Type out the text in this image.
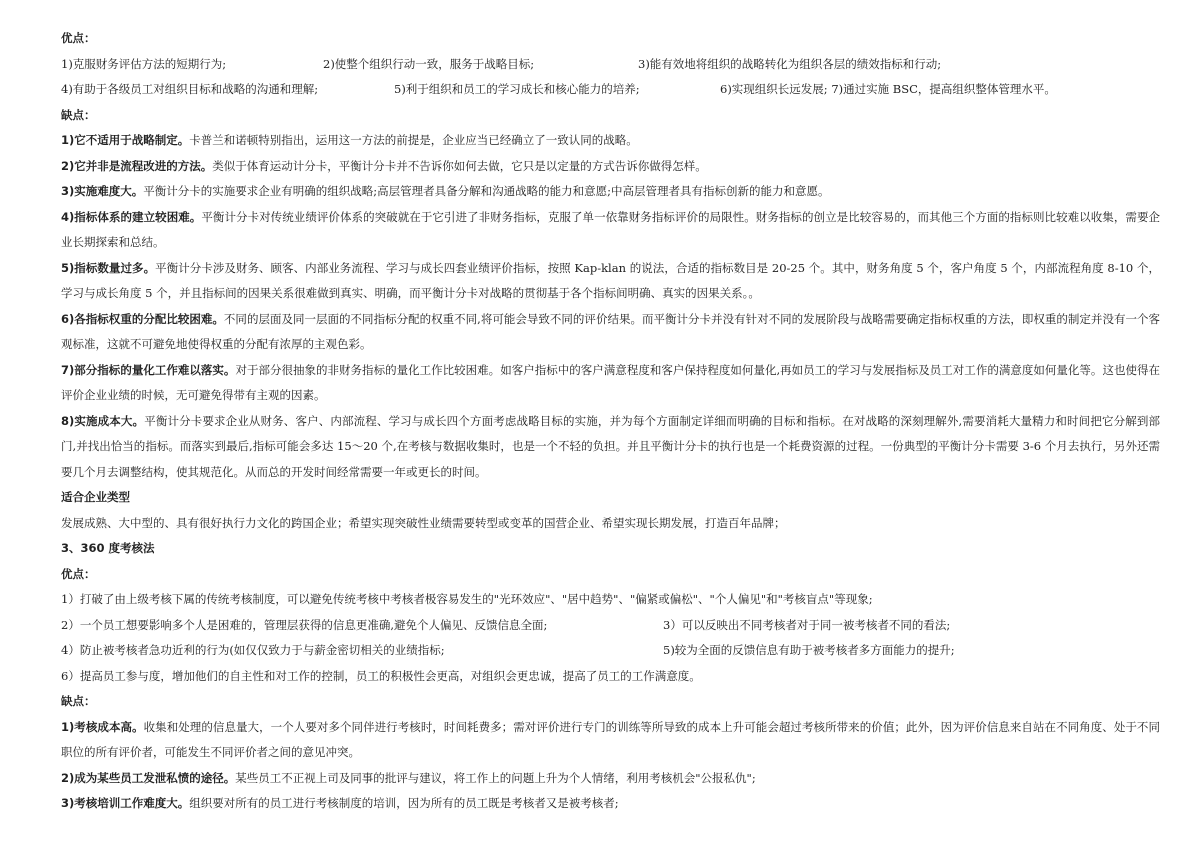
优点：
1)克服财务评估方法的短期行为;	2)使整个组织行动一致，服务于战略目标;	3)能有效地将组织的战略转化为组织各层的绩效指标和行动;
4)有助于各级员工对组织目标和战略的沟通和理解;	5)利于组织和员工的学习成长和核心能力的培养;	6)实现组织长远发展; 7)通过实施 BSC，提高组织整体管理水平。
缺点：
1)它不适用于战略制定。卡普兰和诺顿特别指出，运用这一方法的前提是，企业应当已经确立了一致认同的战略。
2)它并非是流程改进的方法。类似于体育运动计分卡，平衡计分卡并不告诉你如何去做，它只是以定量的方式告诉你做得怎样。
3)实施难度大。平衡计分卡的实施要求企业有明确的组织战略;高层管理者具备分解和沟通战略的能力和意愿;中高层管理者具有指标创新的能力和意愿。
4)指标体系的建立较困难。平衡计分卡对传统业绩评价体系的突破就在于它引进了非财务指标，克服了单一依靠财务指标评价的局限性。财务指标的创立是比较容易的，而其他三个方面的指标则比较难以收集，需要企业长期探索和总结。
5)指标数量过多。平衡计分卡涉及财务、顾客、内部业务流程、学习与成长四套业绩评价指标，按照 Kap-klan 的说法，合适的指标数目是 20-25 个。其中，财务角度 5 个，客户角度 5 个，内部流程角度 8-10 个，学习与成长角度 5 个，并且指标间的因果关系很难做到真实、明确，而平衡计分卡对战略的贯彻基于各个指标间明确、真实的因果关系。。
6)各指标权重的分配比较困难。不同的层面及同一层面的不同指标分配的权重不同,将可能会导致不同的评价结果。而平衡计分卡并没有针对不同的发展阶段与战略需要确定指标权重的方法，即权重的制定并没有一个客观标准，这就不可避免地使得权重的分配有浓厚的主观色彩。
7)部分指标的量化工作难以落实。对于部分很抽象的非财务指标的量化工作比较困难。如客户指标中的客户满意程度和客户保持程度如何量化,再如员工的学习与发展指标及员工对工作的满意度如何量化等。这也使得在评价企业业绩的时候，无可避免得带有主观的因素。
8)实施成本大。平衡计分卡要求企业从财务、客户、内部流程、学习与成长四个方面考虑战略目标的实施，并为每个方面制定详细而明确的目标和指标。在对战略的深刻理解外,需要消耗大量精力和时间把它分解到部门,并找出恰当的指标。而落实到最后,指标可能会多达 15～20 个,在考核与数据收集时，也是一个不轻的负担。并且平衡计分卡的执行也是一个耗费资源的过程。一份典型的平衡计分卡需要 3-6 个月去执行，另外还需要几个月去调整结构，使其规范化。从而总的开发时间经常需要一年或更长的时间。
适合企业类型
发展成熟、大中型的、具有很好执行力文化的跨国企业；希望实现突破性业绩需要转型或变革的国营企业、希望实现长期发展，打造百年品牌；
3、360 度考核法
优点：
1）打破了由上级考核下属的传统考核制度，可以避免传统考核中考核者极容易发生的"光环效应"、"居中趋势"、"偏紧或偏松"、"个人偏见"和"考核盲点"等现象;
2）一个员工想要影响多个人是困难的，管理层获得的信息更准确,避免个人偏见、反馈信息全面;	3）可以反映出不同考核者对于同一被考核者不同的看法;
4）防止被考核者急功近利的行为(如仅仅致力于与薪金密切相关的业绩指标;	5)较为全面的反馈信息有助于被考核者多方面能力的提升;
6）提高员工参与度，增加他们的自主性和对工作的控制，员工的积极性会更高，对组织会更忠诚，提高了员工的工作满意度。
缺点：
1)考核成本高。收集和处理的信息量大，一个人要对多个同伴进行考核时，时间耗费多；需对评价进行专门的训练等所导致的成本上升可能会超过考核所带来的价值；此外，因为评价信息来自站在不同角度、处于不同职位的所有评价者，可能发生不同评价者之间的意见冲突。
2)成为某些员工发泄私愤的途径。某些员工不正视上司及同事的批评与建议，将工作上的问题上升为个人情绪，利用考核机会"公报私仇";
3)考核培训工作难度大。组织要对所有的员工进行考核制度的培训，因为所有的员工既是考核者又是被考核者;
